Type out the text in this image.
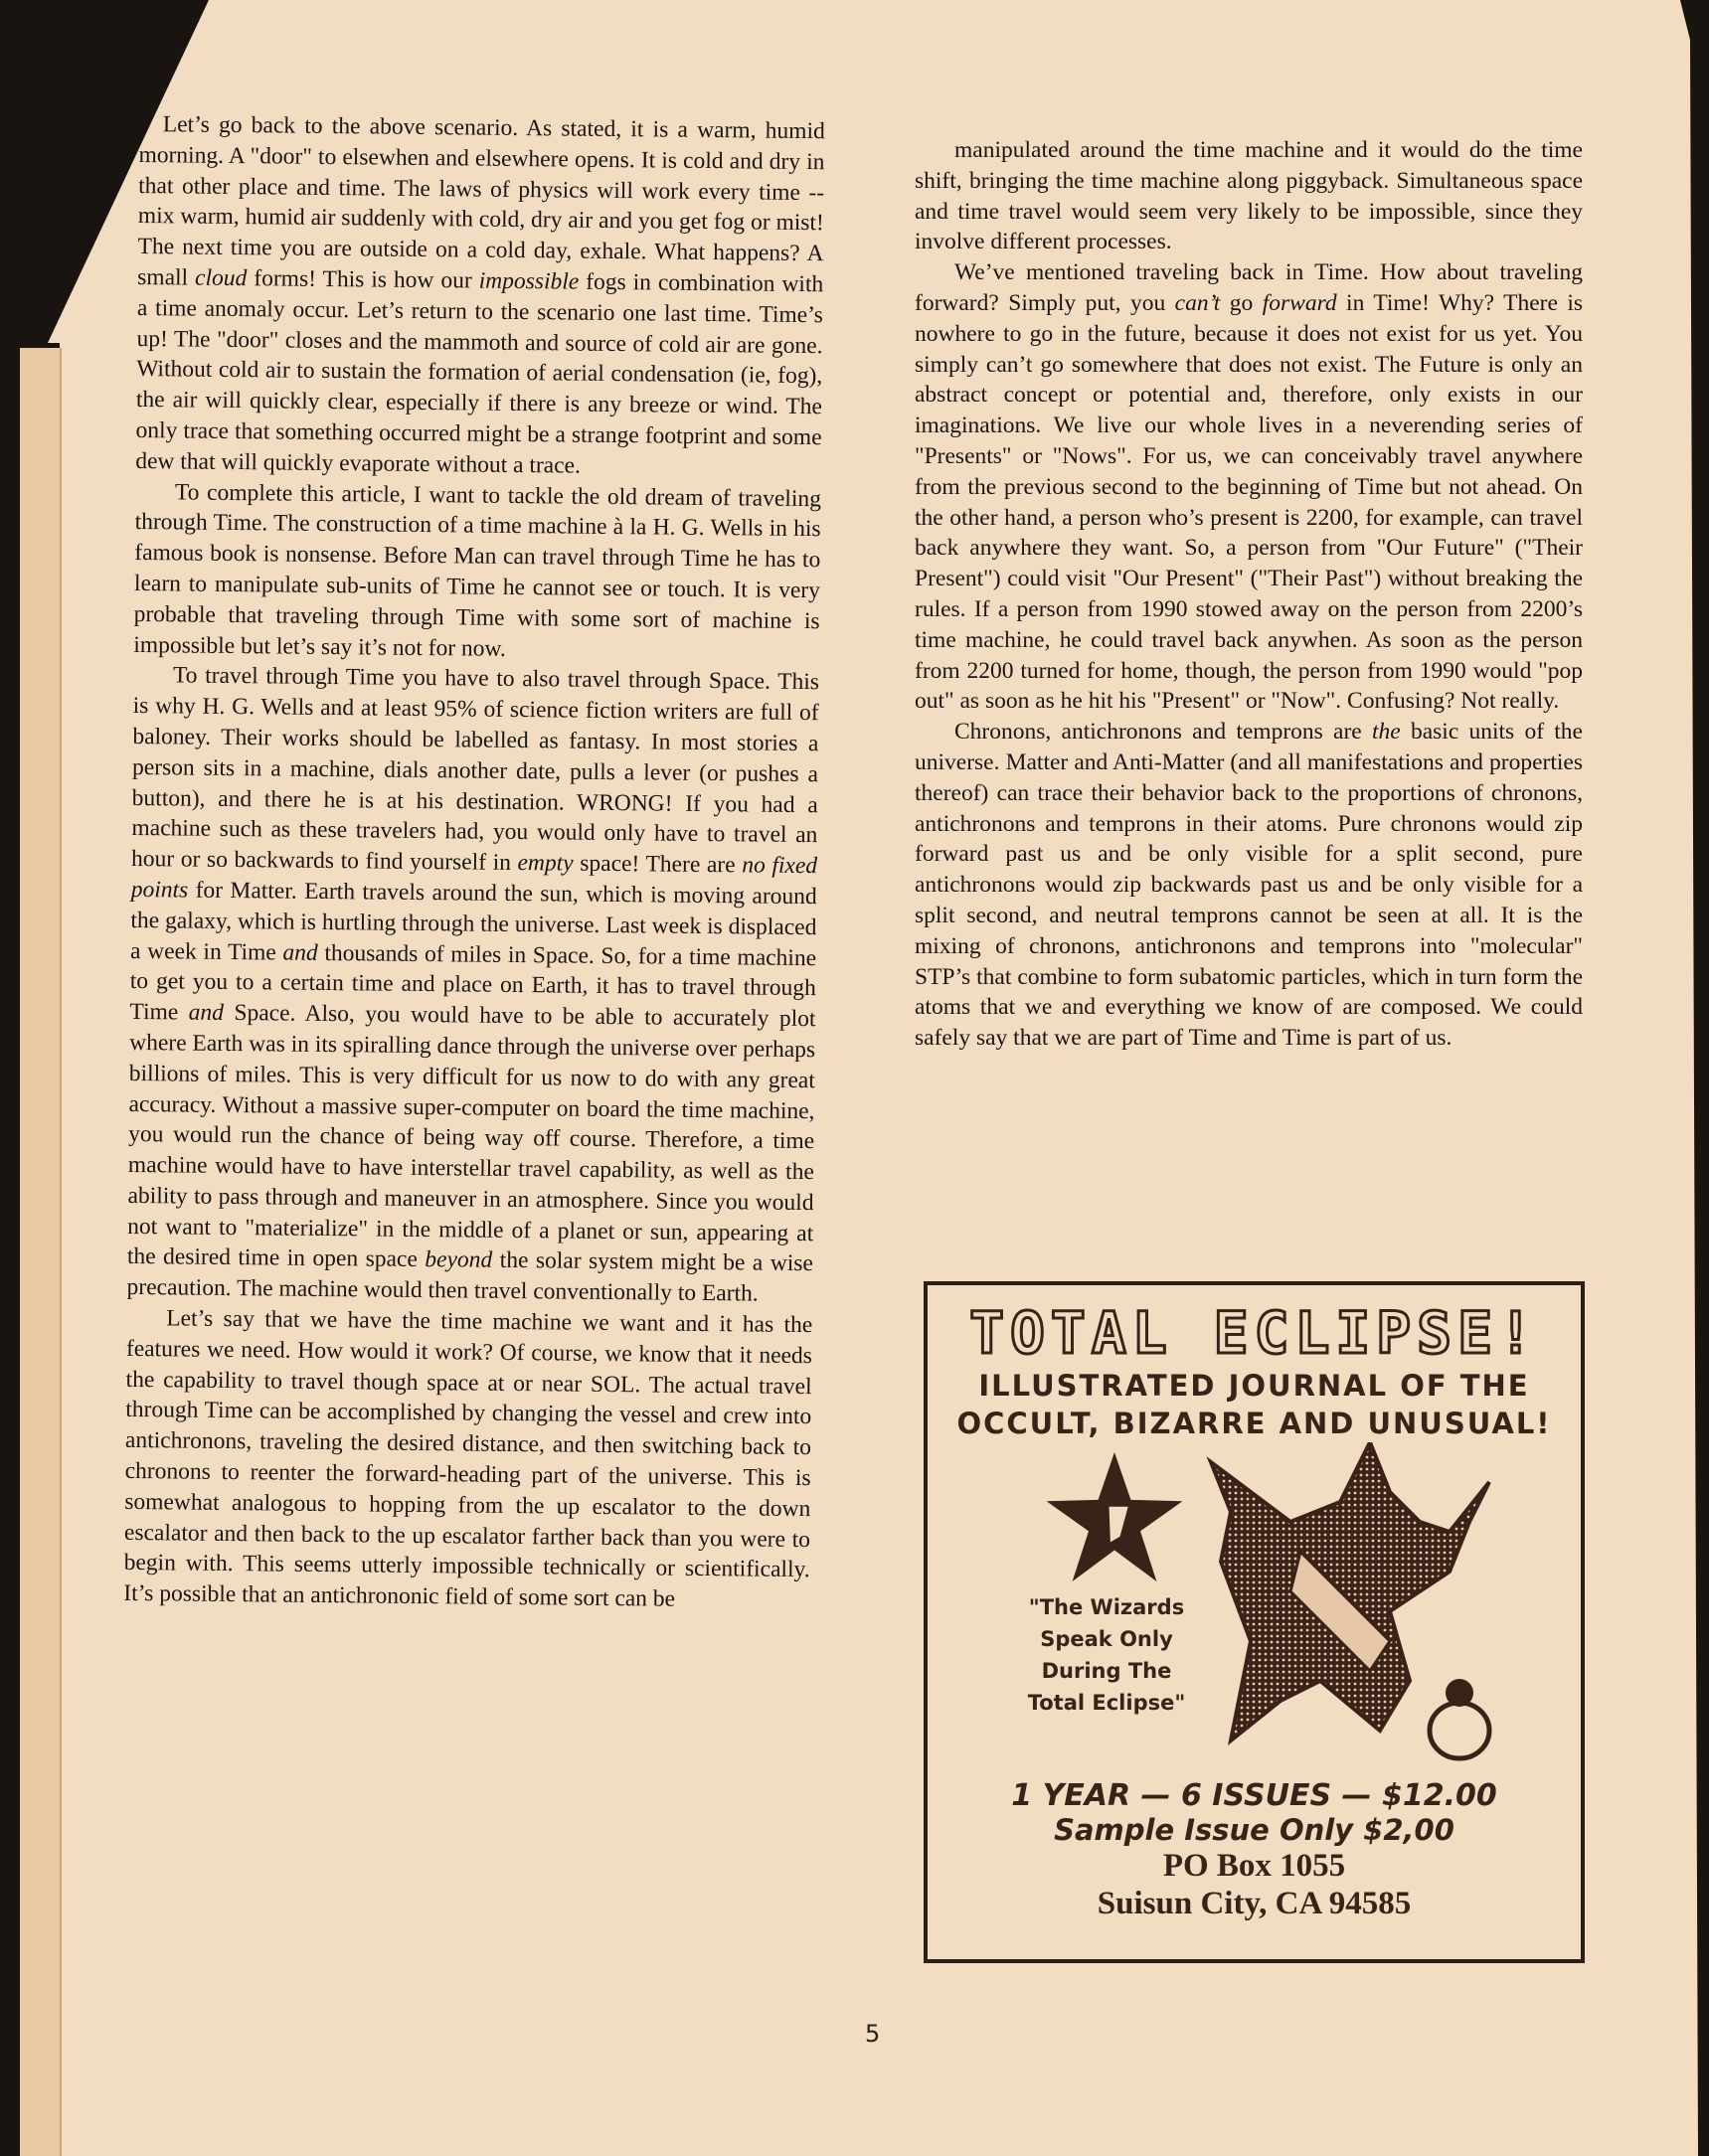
Let’s go back to the above scenario. As stated, it is a warm, humid morning. A "door" to elsewhen and elsewhere opens. It is cold and dry in that other place and time. The laws of physics will work every time -- mix warm, humid air suddenly with cold, dry air and you get fog or mist! The next time you are outside on a cold day, exhale. What happens? A small cloud forms! This is how our impossible fogs in combination with a time anomaly occur. Let’s return to the scenario one last time. Time’s up! The "door" closes and the mammoth and source of cold air are gone. Without cold air to sustain the formation of aerial condensation (ie, fog), the air will quickly clear, especially if there is any breeze or wind. The only trace that something occurred might be a strange footprint and some dew that will quickly evaporate without a trace.

To complete this article, I want to tackle the old dream of traveling through Time. The construction of a time machine à la H. G. Wells in his famous book is nonsense. Before Man can travel through Time he has to learn to manipulate sub-units of Time he cannot see or touch. It is very probable that traveling through Time with some sort of machine is impossible but let’s say it’s not for now.

To travel through Time you have to also travel through Space. This is why H. G. Wells and at least 95% of science fiction writers are full of baloney. Their works should be labelled as fantasy. In most stories a person sits in a machine, dials another date, pulls a lever (or pushes a button), and there he is at his destination. WRONG! If you had a machine such as these travelers had, you would only have to travel an hour or so backwards to find yourself in empty space! There are no fixed points for Matter. Earth travels around the sun, which is moving around the galaxy, which is hurtling through the universe. Last week is displaced a week in Time and thousands of miles in Space. So, for a time machine to get you to a certain time and place on Earth, it has to travel through Time and Space. Also, you would have to be able to accurately plot where Earth was in its spiralling dance through the universe over perhaps billions of miles. This is very difficult for us now to do with any great accuracy. Without a massive super-computer on board the time machine, you would run the chance of being way off course. Therefore, a time machine would have to have interstellar travel capability, as well as the ability to pass through and maneuver in an atmosphere. Since you would not want to "materialize" in the middle of a planet or sun, appearing at the desired time in open space beyond the solar system might be a wise precaution. The machine would then travel conventionally to Earth.

Let’s say that we have the time machine we want and it has the features we need. How would it work? Of course, we know that it needs the capability to travel though space at or near SOL. The actual travel through Time can be accomplished by changing the vessel and crew into antichronons, traveling the desired distance, and then switching back to chronons to reenter the forward-heading part of the universe. This is somewhat analogous to hopping from the up escalator to the down escalator and then back to the up escalator farther back than you were to begin with. This seems utterly impossible technically or scientifically. It’s possible that an antichrononic field of some sort can be

manipulated around the time machine and it would do the time shift, bringing the time machine along piggyback. Simultaneous space and time travel would seem very likely to be impossible, since they involve different processes.

We’ve mentioned traveling back in Time. How about traveling forward? Simply put, you can’t go forward in Time! Why? There is nowhere to go in the future, because it does not exist for us yet. You simply can’t go somewhere that does not exist. The Future is only an abstract concept or potential and, therefore, only exists in our imaginations. We live our whole lives in a neverending series of "Presents" or "Nows". For us, we can conceivably travel anywhere from the previous second to the beginning of Time but not ahead. On the other hand, a person who’s present is 2200, for example, can travel back anywhere they want. So, a person from "Our Future" ("Their Present") could visit "Our Present" ("Their Past") without breaking the rules. If a person from 1990 stowed away on the person from 2200’s time machine, he could travel back anywhen. As soon as the person from 2200 turned for home, though, the person from 1990 would "pop out" as soon as he hit his "Present" or "Now". Confusing? Not really.

Chronons, antichronons and temprons are the basic units of the universe. Matter and Anti-Matter (and all manifestations and properties thereof) can trace their behavior back to the proportions of chronons, antichronons and temprons in their atoms. Pure chronons would zip forward past us and be only visible for a split second, pure antichronons would zip backwards past us and be only visible for a split second, and neutral temprons cannot be seen at all. It is the mixing of chronons, antichronons and temprons into "molecular" STP’s that combine to form subatomic particles, which in turn form the atoms that we and everything we know of are composed. We could safely say that we are part of Time and Time is part of us.

TOTAL ECLIPSE!
ILLUSTRATED JOURNAL OF THE
OCCULT, BIZARRE AND UNUSUAL!
"The Wizards
Speak Only
During The
Total Eclipse"
1 YEAR — 6 ISSUES — $12.00
Sample Issue Only $2,00
PO Box 1055
Suisun City, CA 94585
5
